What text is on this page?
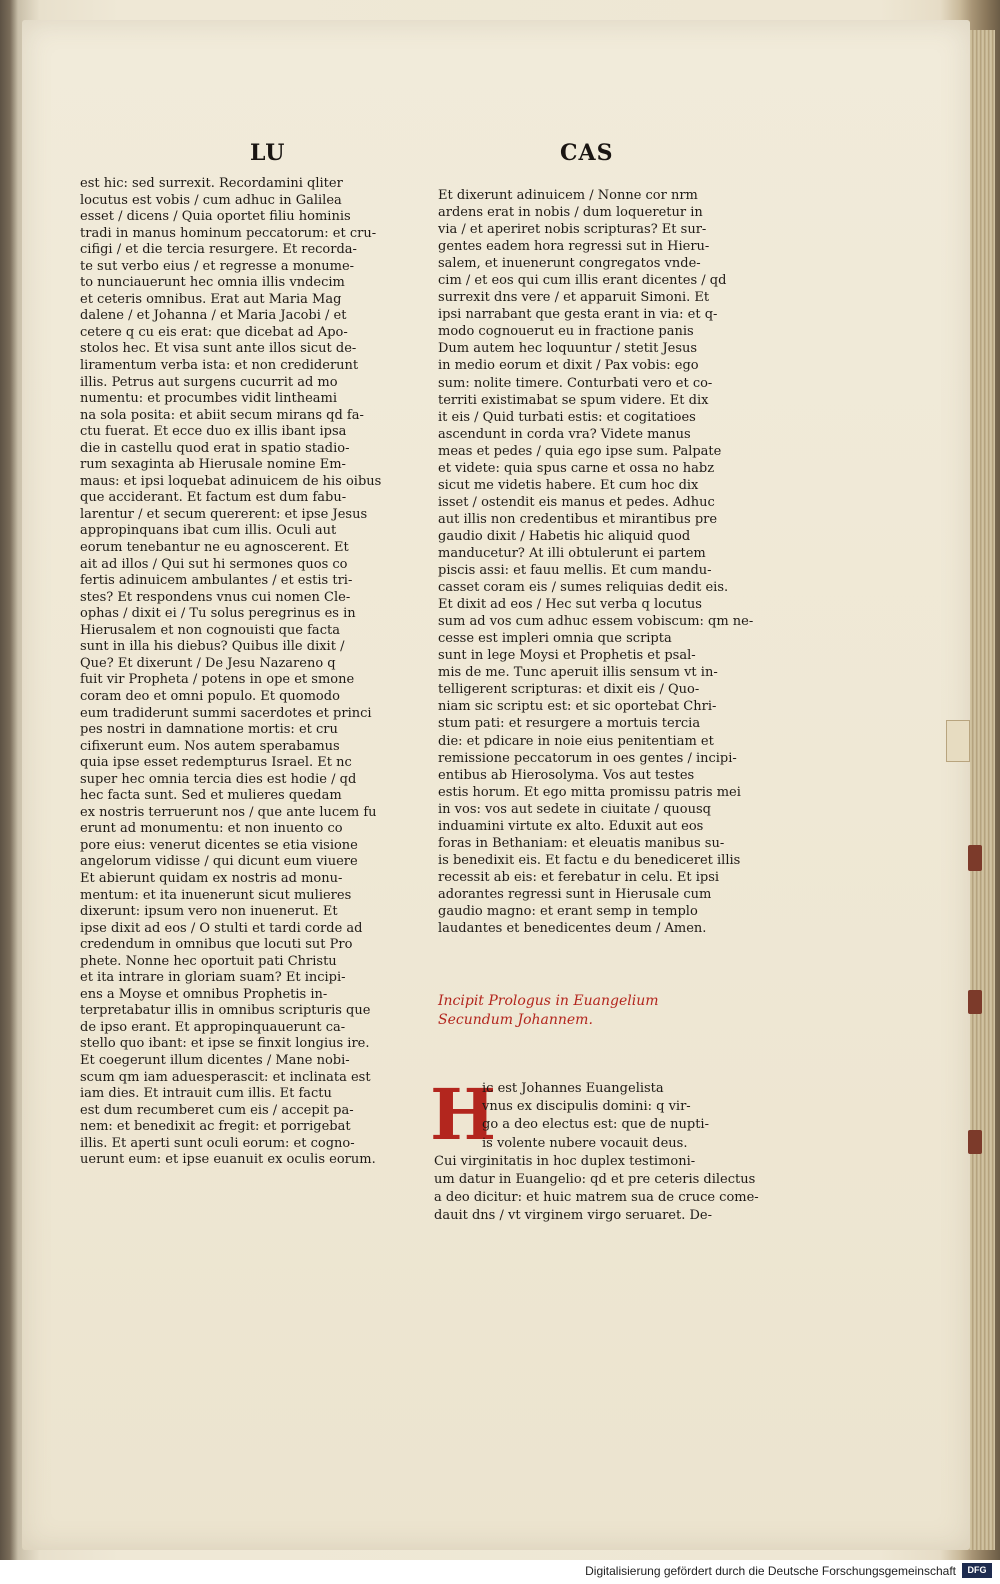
LU	CAS
est hic: sed surrexit. Recordamini qliter
locutus est vobis / cum adhuc in Galilea
esset / dicens / Quia oportet filiu hominis
tradi in manus hominum peccatorum: et cru-
cifigi / et die tercia resurgere. Et recorda-
te sut verbo eius / et regresse a monume-
to nunciauerunt hec omnia illis vndecim
et ceteris omnibus. Erat aut Maria Mag
dalene / et Johanna / et Maria Jacobi / et
cetere q cu eis erat: que dicebat ad Apo-
stolos hec. Et visa sunt ante illos sicut de-
liramentum verba ista: et non crediderunt
illis. Petrus aut surgens cucurrit ad mo
numentu: et procumbes vidit lintheami
na sola posita: et abiit secum mirans qd fa-
ctu fuerat. Et ecce duo ex illis ibant ipsa
die in castellu quod erat in spatio stadio-
rum sexaginta ab Hierusale nomine Em-
maus: et ipsi loquebat adinuicem de his oibus
que acciderant. Et factum est dum fabu-
larentur / et secum quererent: et ipse Jesus
appropinquans ibat cum illis. Oculi aut
eorum tenebantur ne eu agnoscerent. Et
ait ad illos / Qui sut hi sermones quos co
fertis adinuicem ambulantes / et estis tri-
stes? Et respondens vnus cui nomen Cle-
ophas / dixit ei / Tu solus peregrinus es in
Hierusalem et non cognouisti que facta
sunt in illa his diebus? Quibus ille dixit /
Que? Et dixerunt / De Jesu Nazareno q
fuit vir Propheta / potens in ope et smone
coram deo et omni populo. Et quomodo
eum tradiderunt summi sacerdotes et princi
pes nostri in damnatione mortis: et cru
cifixerunt eum. Nos autem sperabamus
quia ipse esset redempturus Israel. Et nc
super hec omnia tercia dies est hodie / qd
hec facta sunt. Sed et mulieres quedam
ex nostris terruerunt nos / que ante lucem fu
erunt ad monumentu: et non inuento co
pore eius: venerut dicentes se etia visione
angelorum vidisse / qui dicunt eum viuere
Et abierunt quidam ex nostris ad monu-
mentum: et ita inuenerunt sicut mulieres
dixerunt: ipsum vero non inuenerut. Et
ipse dixit ad eos / O stulti et tardi corde ad
credendum in omnibus que locuti sut Pro
phete. Nonne hec oportuit pati Christu
et ita intrare in gloriam suam? Et incipi-
ens a Moyse et omnibus Prophetis in-
terpretabatur illis in omnibus scripturis que
de ipso erant. Et appropinquauerunt ca-
stello quo ibant: et ipse se finxit longius ire.
Et coegerunt illum dicentes / Mane nobi-
scum qm iam aduesperascit: et inclinata est
iam dies. Et intrauit cum illis. Et factu
est dum recumberet cum eis / accepit pa-
nem: et benedixit ac fregit: et porrigebat
illis. Et aperti sunt oculi eorum: et cogno-
uerunt eum: et ipse euanuit ex oculis eorum.
Et dixerunt adinuicem / Nonne cor nrm
ardens erat in nobis / dum loqueretur in
via / et aperiret nobis scripturas? Et sur-
gentes eadem hora regressi sut in Hieru-
salem, et inuenerunt congregatos vnde-
cim / et eos qui cum illis erant dicentes / qd
surrexit dns vere / et apparuit Simoni. Et
ipsi narrabant que gesta erant in via: et q-
modo cognouerut eu in fractione panis
Dum autem hec loquuntur / stetit Jesus
in medio eorum et dixit / Pax vobis: ego
sum: nolite timere. Conturbati vero et co-
territi existimabat se spum videre. Et dix
it eis / Quid turbati estis: et cogitatioes
ascendunt in corda vra? Videte manus
meas et pedes / quia ego ipse sum. Palpate
et videte: quia spus carne et ossa no habz
sicut me videtis habere. Et cum hoc dix
isset / ostendit eis manus et pedes. Adhuc
aut illis non credentibus et mirantibus pre
gaudio dixit / Habetis hic aliquid quod
manducetur? At illi obtulerunt ei partem
piscis assi: et fauu mellis. Et cum mandu-
casset coram eis / sumes reliquias dedit eis.
Et dixit ad eos / Hec sut verba q locutus
sum ad vos cum adhuc essem vobiscum: qm ne-
cesse est impleri omnia que scripta
sunt in lege Moysi et Prophetis et psal-
mis de me. Tunc aperuit illis sensum vt in-
telligerent scripturas: et dixit eis / Quo-
niam sic scriptu est: et sic oportebat Chri-
stum pati: et resurgere a mortuis tercia
die: et pdicare in noie eius penitentiam et
remissione peccatorum in oes gentes / incipi-
entibus ab Hierosolyma. Vos aut testes
estis horum. Et ego mitta promissu patris mei
in vos: vos aut sedete in ciuitate / quousq
induamini virtute ex alto. Eduxit aut eos
foras in Bethaniam: et eleuatis manibus su-
is benedixit eis. Et factu e du benediceret illis
recessit ab eis: et ferebatur in celu. Et ipsi
adorantes regressi sunt in Hierusale cum
gaudio magno: et erant semp in templo
laudantes et benedicentes deum / Amen.
Incipit Prologus in Euangelium
Secundum Johannem.
H
ic est Johannes Euangelista
vnus ex discipulis domini: q vir-
go a deo electus est: que de nupti-
is volente nubere vocauit deus.
Cui virginitatis in hoc duplex testimoni-
um datur in Euangelio: qd et pre ceteris dilectus
a deo dicitur: et huic matrem sua de cruce come-
dauit dns / vt virginem virgo seruaret. De-
Digitalisierung gefördert durch die Deutsche Forschungsgemeinschaft	DFG
